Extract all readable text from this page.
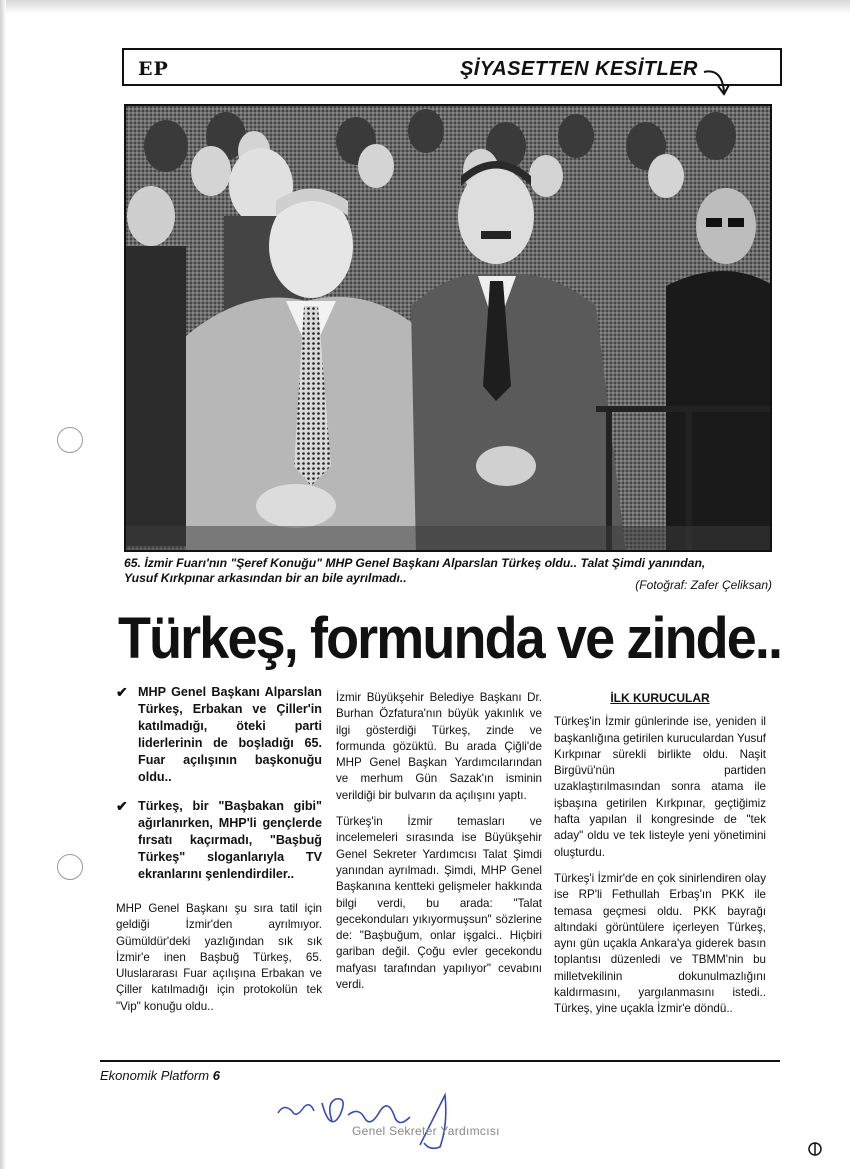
EP	ŞİYASETTEN KESİTLER
65. İzmir Fuarı'nın "Şeref Konuğu" MHP Genel Başkanı Alparslan Türkeş oldu.. Talat Şimdi yanından,
Yusuf Kırkpınar arkasından bir an bile ayrılmadı..	(Fotoğraf: Zafer Çeliksan)
Türkeş, formunda ve zinde..
✔ MHP Genel Başkanı Alparslan Türkeş, Erbakan ve Çiller'in katılmadığı, öteki parti liderlerinin de boşladığı 65. Fuar açılışının başkonuğu oldu..
✔ Türkeş, bir "Başbakan gibi" ağırlanırken, MHP'li gençlerde fırsatı kaçırmadı, "Başbuğ Türkeş" sloganlarıyla TV ekranlarını şenlendirdiler..

MHP Genel Başkanı şu sıra tatil için geldiği İzmir'den ayrılmıyor. Gümüldür'deki yazlığından sık sık İzmir'e inen Başbuğ Türkeş, 65. Uluslararası Fuar açılışına Erbakan ve Çiller katılmadığı için protokolün tek "Vip" konuğu oldu..

İzmir Büyükşehir Belediye Başkanı Dr. Burhan Özfatura'nın büyük yakınlık ve ilgi gösterdiği Türkeş, zinde ve formunda gözüktü. Bu arada Çiğli'de MHP Genel Başkan Yardımcılarından ve merhum Gün Sazak'ın isminin verildiği bir bulvarın da açılışını yaptı.

Türkeş'in İzmir temasları ve incelemeleri sırasında ise Büyükşehir Genel Sekreter Yardımcısı Talat Şimdi yanından ayrılmadı. Şimdi, MHP Genel Başkanına kentteki gelişmeler hakkında bilgi verdi, bu arada: "Talat gecekonduları yıkıyormuşsun" sözlerine de: "Başbuğum, onlar işgalci.. Hiçbiri garіban değil. Çoğu evler gecekondu mafyası tarafından yapılıyor" cevabını verdi.

İLK KURUCULAR

Türkeş'in İzmir günlerinde ise, yeniden il başkanlığına getirilen kuruculardan Yusuf Kırkpınar sürekli birlikte oldu. Naşit Birgüvü'nün partiden uzaklaştırılmasından sonra atama ile işbaşına getirilen Kırkpınar, geçtiğimiz hafta yapılan il kongresinde de "tek aday" oldu ve tek listeyle yeni yönetimini oluşturdu.

Türkeş'i İzmir'de en çok sinirlendiren olay ise RP'li Fethullah Erbaş'ın PKK ile temasa geçmesi oldu. PKK bayrağı altındaki görüntülere içerleyen Türkeş, aynı gün uçakla Ankara'ya giderek basın toplantısı düzenledi ve TBMM'nin bu milletvekilinin dokunulmazlığını kaldırmasını, yargılanmasını istedi.. Türkeş, yine uçakla İzmir'e döndü..

Ekonomik Platform 6
Genel Sekreter Yardımcısı
